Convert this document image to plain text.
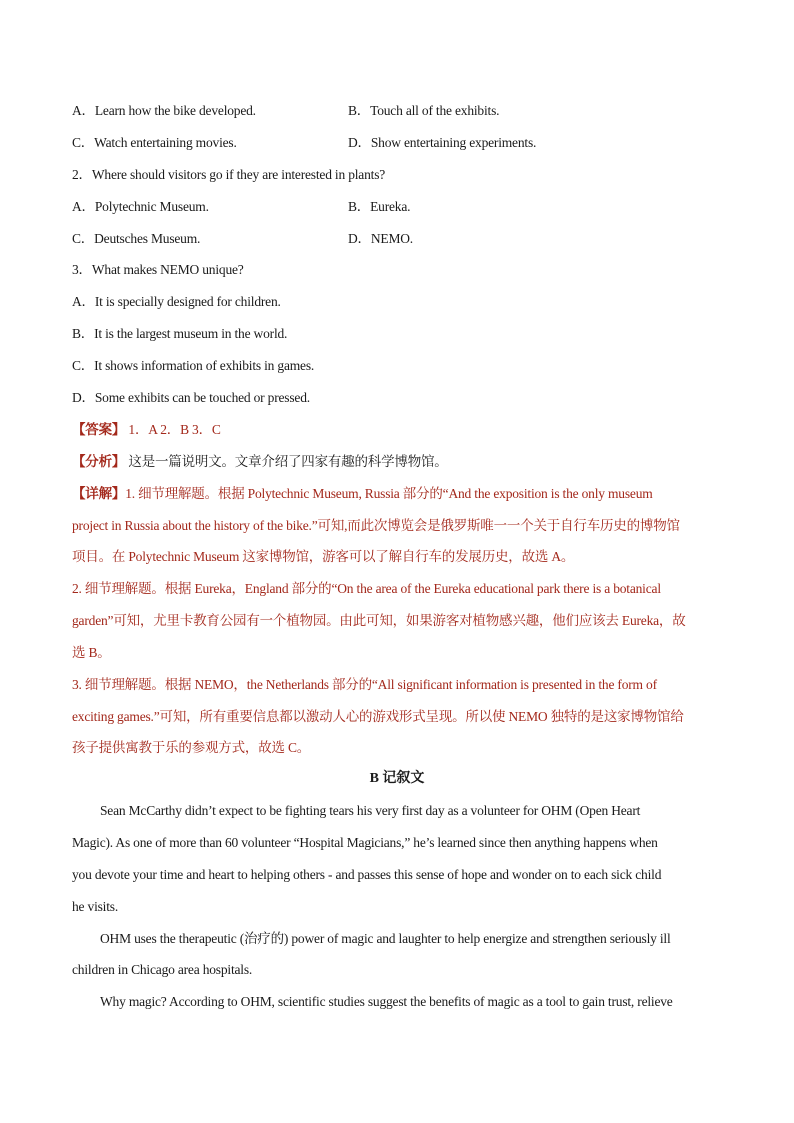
A．Learn how the bike developed.	B．Touch all of the exhibits.
C．Watch entertaining movies.	D．Show entertaining experiments.
2．Where should visitors go if they are interested in plants?
A．Polytechnic Museum.	B．Eureka.
C．Deutsches Museum.	D．NEMO.
3．What makes NEMO unique?
A．It is specially designed for children.
B．It is the largest museum in the world.
C．It shows information of exhibits in games.
D．Some exhibits can be touched or pressed.
【答案】 1．A 2．B 3．C
【分析】 这是一篇说明文。文章介绍了四家有趣的科学博物馆。
【详解】1. 细节理解题。根据 Polytechnic Museum, Russia 部分的“And the exposition is the only museum
project in Russia about the history of the bike.”可知,而此次博览会是俄罗斯唯一一个关于自行车历史的博物馆
项目。在 Polytechnic Museum 这家博物馆，游客可以了解自行车的发展历史，故选 A。
2. 细节理解题。根据 Eureka，England 部分的“On the area of the Eureka educational park there is a botanical
garden”可知，尤里卡教育公园有一个植物园。由此可知，如果游客对植物感兴趣，他们应该去 Eureka，故
选 B。
3. 细节理解题。根据 NEMO，the Netherlands 部分的“All significant information is presented in the form of
exciting games.”可知，所有重要信息都以激动人心的游戏形式呈现。所以使 NEMO 独特的是这家博物馆给
孩子提供寓教于乐的参观方式，故选 C。
B 记叙文
Sean McCarthy didn’t expect to be fighting tears his very first day as a volunteer for OHM (Open Heart
Magic). As one of more than 60 volunteer “Hospital Magicians,” he’s learned since then anything happens when
you devote your time and heart to helping others - and passes this sense of hope and wonder on to each sick child
he visits.
OHM uses the therapeutic (治疗的) power of magic and laughter to help energize and strengthen seriously ill
children in Chicago area hospitals.
Why magic? According to OHM, scientific studies suggest the benefits of magic as a tool to gain trust, relieve
